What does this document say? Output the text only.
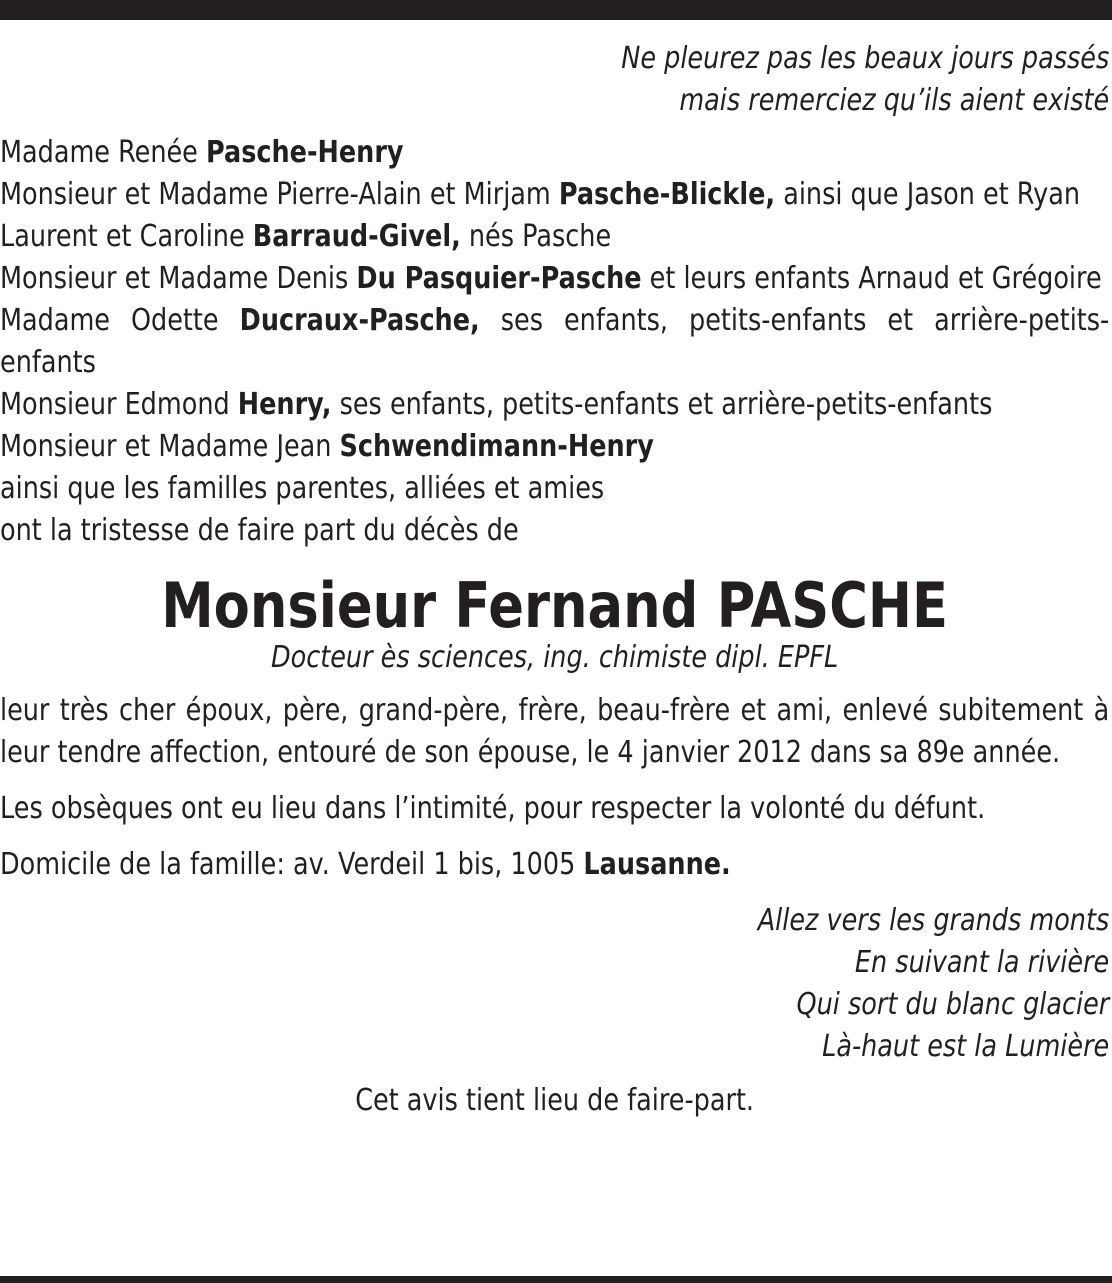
Ne pleurez pas les beaux jours passés
mais remerciez qu’ils aient existé
Madame Renée Pasche-Henry
Monsieur et Madame Pierre-Alain et Mirjam Pasche-Blickle, ainsi que Jason et Ryan
Laurent et Caroline Barraud-Givel, nés Pasche
Monsieur et Madame Denis Du Pasquier-Pasche et leurs enfants Arnaud et Grégoire
Madame Odette Ducraux-Pasche, ses enfants, petits-enfants et arrière-petits-enfants
Monsieur Edmond Henry, ses enfants, petits-enfants et arrière-petits-enfants
Monsieur et Madame Jean Schwendimann-Henry
ainsi que les familles parentes, alliées et amies
ont la tristesse de faire part du décès de
Monsieur Fernand PASCHE
Docteur ès sciences, ing. chimiste dipl. EPFL
leur très cher époux, père, grand-père, frère, beau-frère et ami, enlevé subitement à leur tendre affection, entouré de son épouse, le 4 janvier 2012 dans sa 89e année.
Les obsèques ont eu lieu dans l’intimité, pour respecter la volonté du défunt.
Domicile de la famille: av. Verdeil 1 bis, 1005 Lausanne.
Allez vers les grands monts
En suivant la rivière
Qui sort du blanc glacier
Là-haut est la Lumière
Cet avis tient lieu de faire-part.
